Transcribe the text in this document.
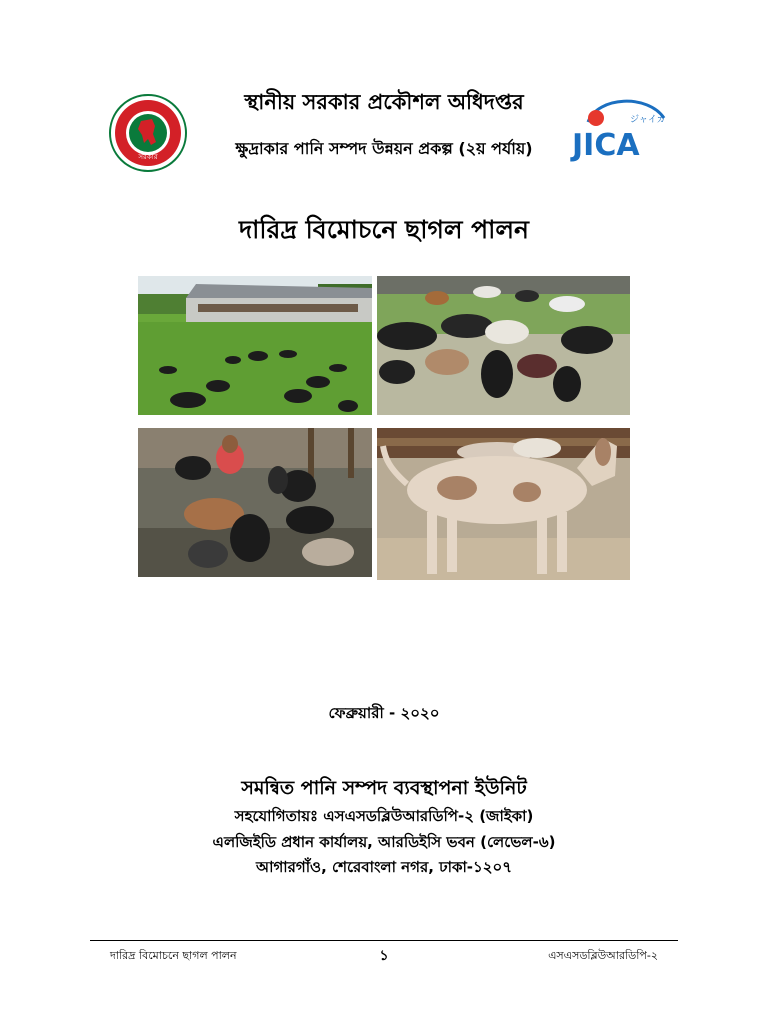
স্থানীয় সরকার প্রকৌশল অধিদপ্তর
ক্ষুদ্রাকার পানি সম্পদ উন্নয়ন প্রকল্প (২য় পর্যায়)
সরকার
ジャイカ
JICA
দারিদ্র বিমোচনে ছাগল পালন
ফেব্রুয়ারী - ২০২০
সমন্বিত পানি সম্পদ ব্যবস্থাপনা ইউনিট
সহযোগিতায়ঃ এসএসডব্লিউআরডিপি-২ (জাইকা)
এলজিইডি প্রধান কার্যালয়, আরডিইসি ভবন (লেভেল-৬)
আগারগাঁও, শেরেবাংলা নগর, ঢাকা-১২০৭
দারিদ্র বিমোচনে ছাগল পালন	১	এসএসডব্লিউআরডিপি-২
